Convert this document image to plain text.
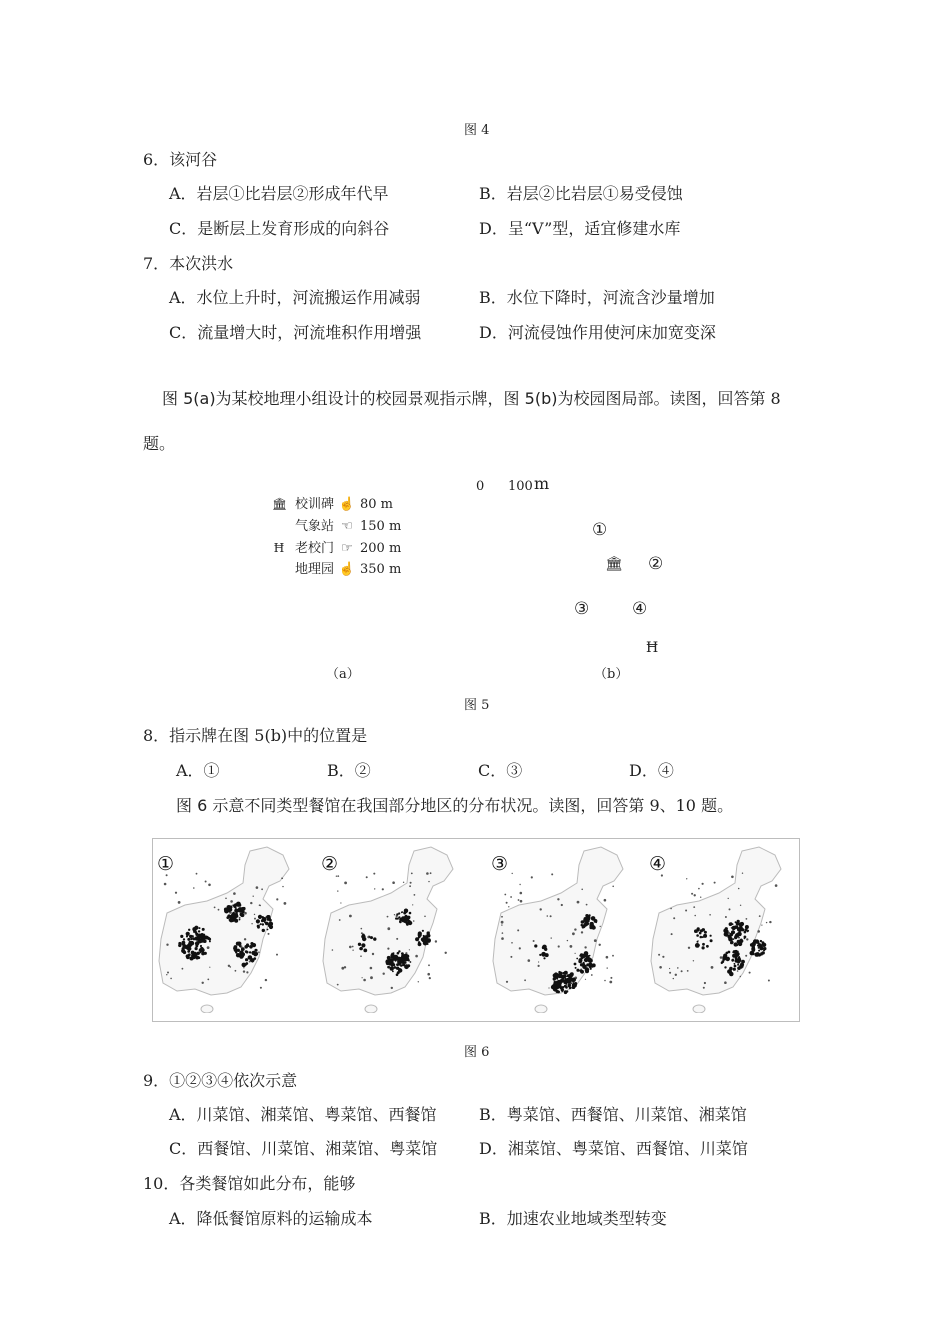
图 4
6．该河谷
A．岩层①比岩层②形成年代早	B．岩层②比岩层①易受侵蚀
C．是断层上发育形成的向斜谷	D．呈“V”型，适宜修建水库
7．本次洪水
A．水位上升时，河流搬运作用减弱	B．水位下降时，河流含沙量增加
C．流量增大时，河流堆积作用增强	D．河流侵蚀作用使河床加宽变深
图 5(a)为某校地理小组设计的校园景观指示牌，图 5(b)为校园图局部。读图，回答第 8
题。
🏛 校训碑 ☝ 80 m
气象站 ☜ 150 m
Ħ 老校门 ☞ 200 m
地理园 ☝ 350 m
（a）
0 100 m
①
🏛 ②
③	④
Ħ
（b）
图 5
8．指示牌在图 5(b)中的位置是
A．①	B．②	C．③	D．④
图 6 示意不同类型餐馆在我国部分地区的分布状况。读图，回答第 9、10 题。
①	②	③	④
图 6
9．①②③④依次示意
A．川菜馆、湘菜馆、粤菜馆、西餐馆	B．粤菜馆、西餐馆、川菜馆、湘菜馆
C．西餐馆、川菜馆、湘菜馆、粤菜馆	D．湘菜馆、粤菜馆、西餐馆、川菜馆
10．各类餐馆如此分布，能够
A．降低餐馆原料的运输成本	B．加速农业地域类型转变
